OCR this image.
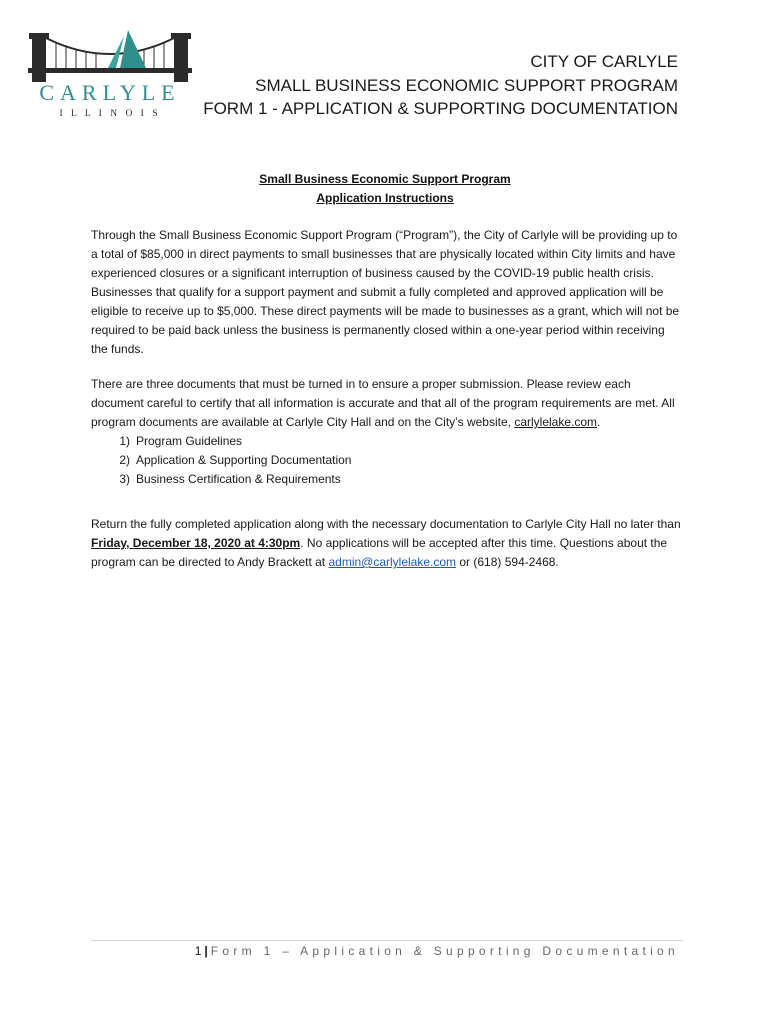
CARLYLE
I L L I N O I S
CITY OF CARLYLE
SMALL BUSINESS ECONOMIC SUPPORT PROGRAM
FORM 1 - APPLICATION & SUPPORTING DOCUMENTATION
Small Business Economic Support Program
Application Instructions
Through the Small Business Economic Support Program (“Program”), the City of Carlyle will be providing up to a total of $85,000 in direct payments to small businesses that are physically located within City limits and have experienced closures or a significant interruption of business caused by the COVID-19 public health crisis. Businesses that qualify for a support payment and submit a fully completed and approved application will be eligible to receive up to $5,000. These direct payments will be made to businesses as a grant, which will not be required to be paid back unless the business is permanently closed within a one-year period within receiving the funds.
There are three documents that must be turned in to ensure a proper submission. Please review each document careful to certify that all information is accurate and that all of the program requirements are met. All program documents are available at Carlyle City Hall and on the City’s website, carlylelake.com.
1) Program Guidelines
2) Application & Supporting Documentation
3) Business Certification & Requirements
Return the fully completed application along with the necessary documentation to Carlyle City Hall no later than Friday, December 18, 2020 at 4:30pm. No applications will be accepted after this time. Questions about the program can be directed to Andy Brackett at admin@carlylelake.com or (618) 594-2468.
1 | Form 1 – Application & Supporting Documentation
